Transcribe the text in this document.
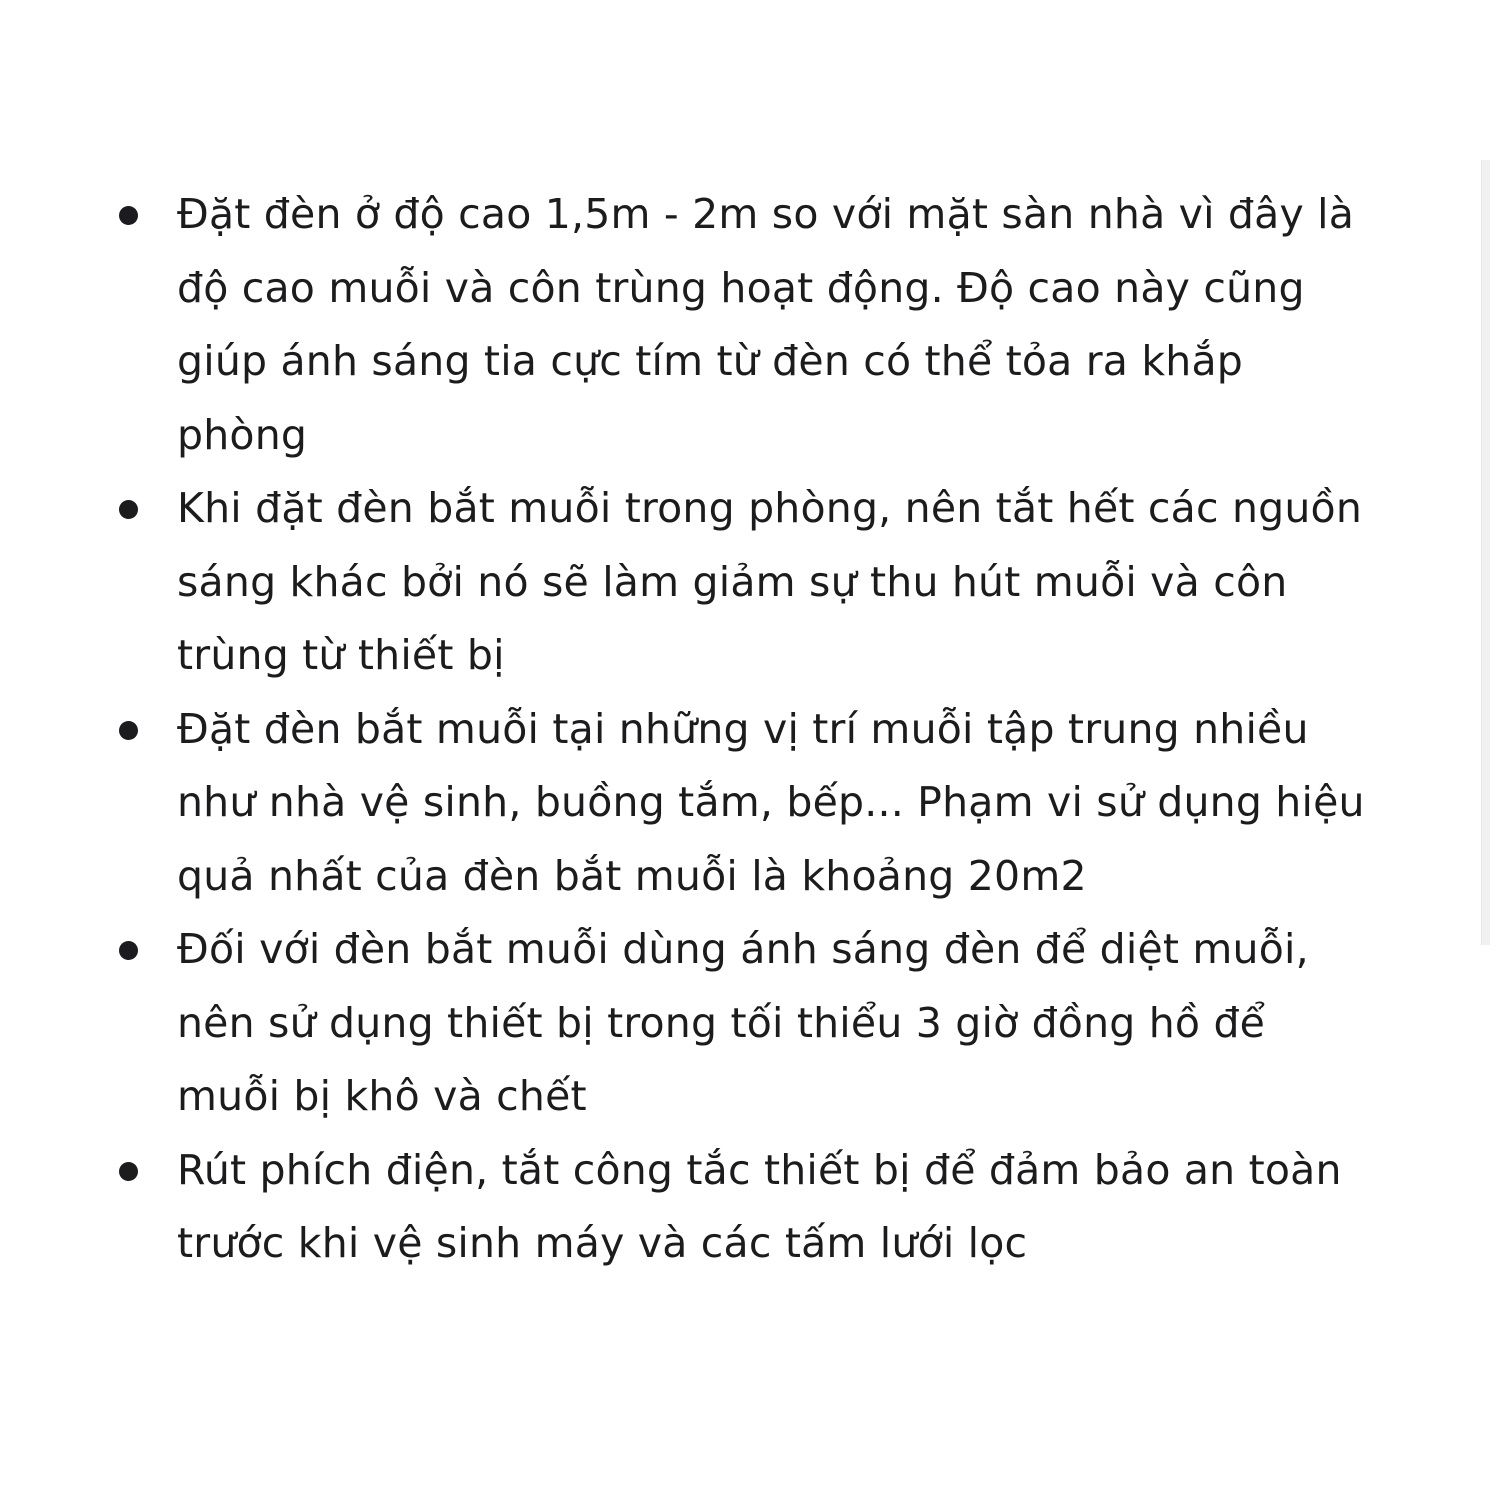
Đặt đèn ở độ cao 1,5m - 2m so với mặt sàn nhà vì đây là
độ cao muỗi và côn trùng hoạt động. Độ cao này cũng
giúp ánh sáng tia cực tím từ đèn có thể tỏa ra khắp
phòng
Khi đặt đèn bắt muỗi trong phòng, nên tắt hết các nguồn
sáng khác bởi nó sẽ làm giảm sự thu hút muỗi và côn
trùng từ thiết bị
Đặt đèn bắt muỗi tại những vị trí muỗi tập trung nhiều
như nhà vệ sinh, buồng tắm, bếp... Phạm vi sử dụng hiệu
quả nhất của đèn bắt muỗi là khoảng 20m2
Đối với đèn bắt muỗi dùng ánh sáng đèn để diệt muỗi,
nên sử dụng thiết bị trong tối thiểu 3 giờ đồng hồ để
muỗi bị khô và chết
Rút phích điện, tắt công tắc thiết bị để đảm bảo an toàn
trước khi vệ sinh máy và các tấm lưới lọc
